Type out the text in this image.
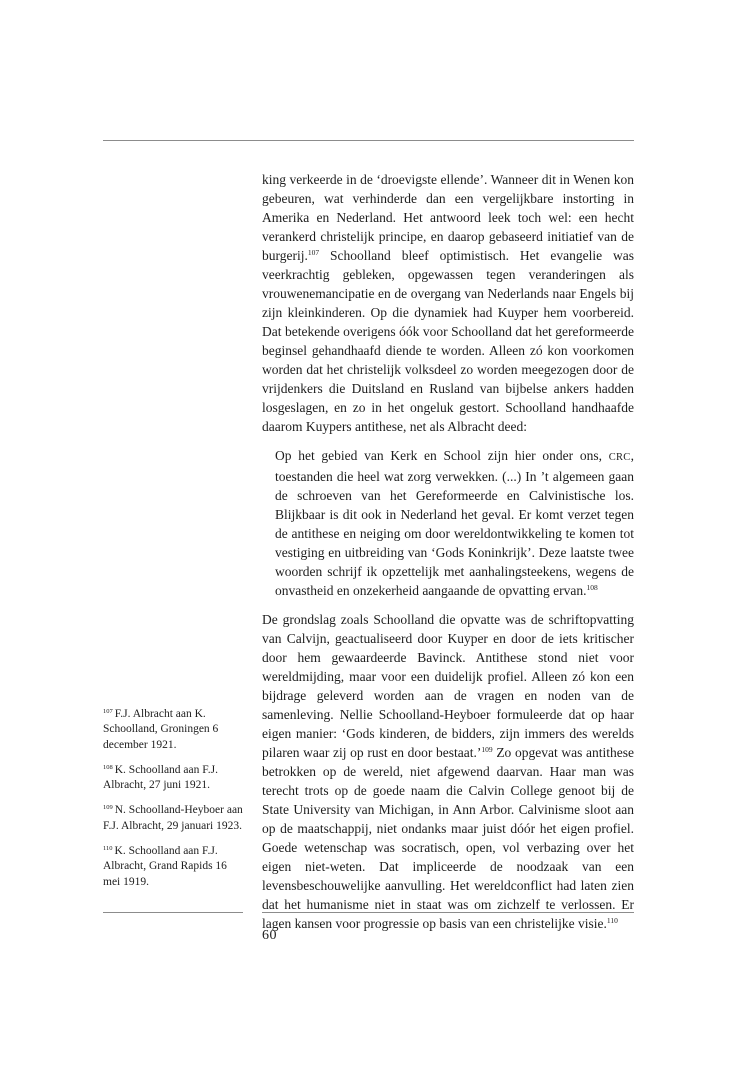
king verkeerde in de ‘droevigste ellende’. Wanneer dit in Wenen kon gebeuren, wat verhinderde dan een vergelijkbare instorting in Amerika en Nederland. Het antwoord leek toch wel: een hecht verankerd christelijk principe, en daarop gebaseerd initiatief van de burgerij.$^{107}$ Schoolland bleef optimistisch. Het evangelie was veerkrachtig gebleken, opgewassen tegen veranderingen als vrouwenemancipatie en de overgang van Nederlands naar Engels bij zijn kleinkinderen. Op die dynamiek had Kuyper hem voorbereid. Dat betekende overigens óók voor Schoolland dat het gereformeerde beginsel gehandhaafd diende te worden. Alleen zó kon voorkomen worden dat het christelijk volksdeel zo worden meegezogen door de vrijdenkers die Duitsland en Rusland van bijbelse ankers hadden losgeslagen, en zo in het ongeluk gestort. Schoolland handhaafde daarom Kuypers antithese, net als Albracht deed:

Op het gebied van Kerk en School zijn hier onder ons, CRC, toestanden die heel wat zorg verwekken. (...) In ’t algemeen gaan de schroeven van het Gereformeerde en Calvinistische los. Blijkbaar is dit ook in Nederland het geval. Er komt verzet tegen de antithese en neiging om door wereldontwikkeling te komen tot vestiging en uitbreiding van ‘Gods Koninkrijk’. Deze laatste twee woorden schrijf ik opzettelijk met aanhalingsteekens, wegens de onvastheid en onzekerheid aangaande de opvatting ervan.$^{108}$

De grondslag zoals Schoolland die opvatte was de schriftopvatting van Calvijn, geactualiseerd door Kuyper en door de iets kritischer door hem gewaardeerde Bavinck. Antithese stond niet voor wereldmijding, maar voor een duidelijk profiel. Alleen zó kon een bijdrage geleverd worden aan de vragen en noden van de samenleving. Nellie Schoolland-Heyboer formuleerde dat op haar eigen manier: ‘Gods kinderen, de bidders, zijn immers des werelds pilaren waar zij op rust en door bestaat.’$^{109}$ Zo opgevat was antithese betrokken op de wereld, niet afgewend daarvan. Haar man was terecht trots op de goede naam die Calvin College genoot bij de State University van Michigan, in Ann Arbor. Calvinisme sloot aan op de maatschappij, niet ondanks maar juist dóór het eigen profiel. Goede wetenschap was socratisch, open, vol verbazing over het eigen niet-weten. Dat impliceerde de noodzaak van een levensbeschouwelijke aanvulling. Het wereldconflict had laten zien dat het humanisme niet in staat was om zichzelf te verlossen. Er lagen kansen voor progressie op basis van een christelijke visie.$^{110}$

$^{107}$ F.J. Albracht aan K. Schoolland, Groningen 6 december 1921.

$^{108}$ K. Schoolland aan F.J. Albracht, 27 juni 1921.

$^{109}$ N. Schoolland-Heyboer aan F.J. Albracht, 29 januari 1923.

$^{110}$ K. Schoolland aan F.J. Albracht, Grand Rapids 16 mei 1919.

60
